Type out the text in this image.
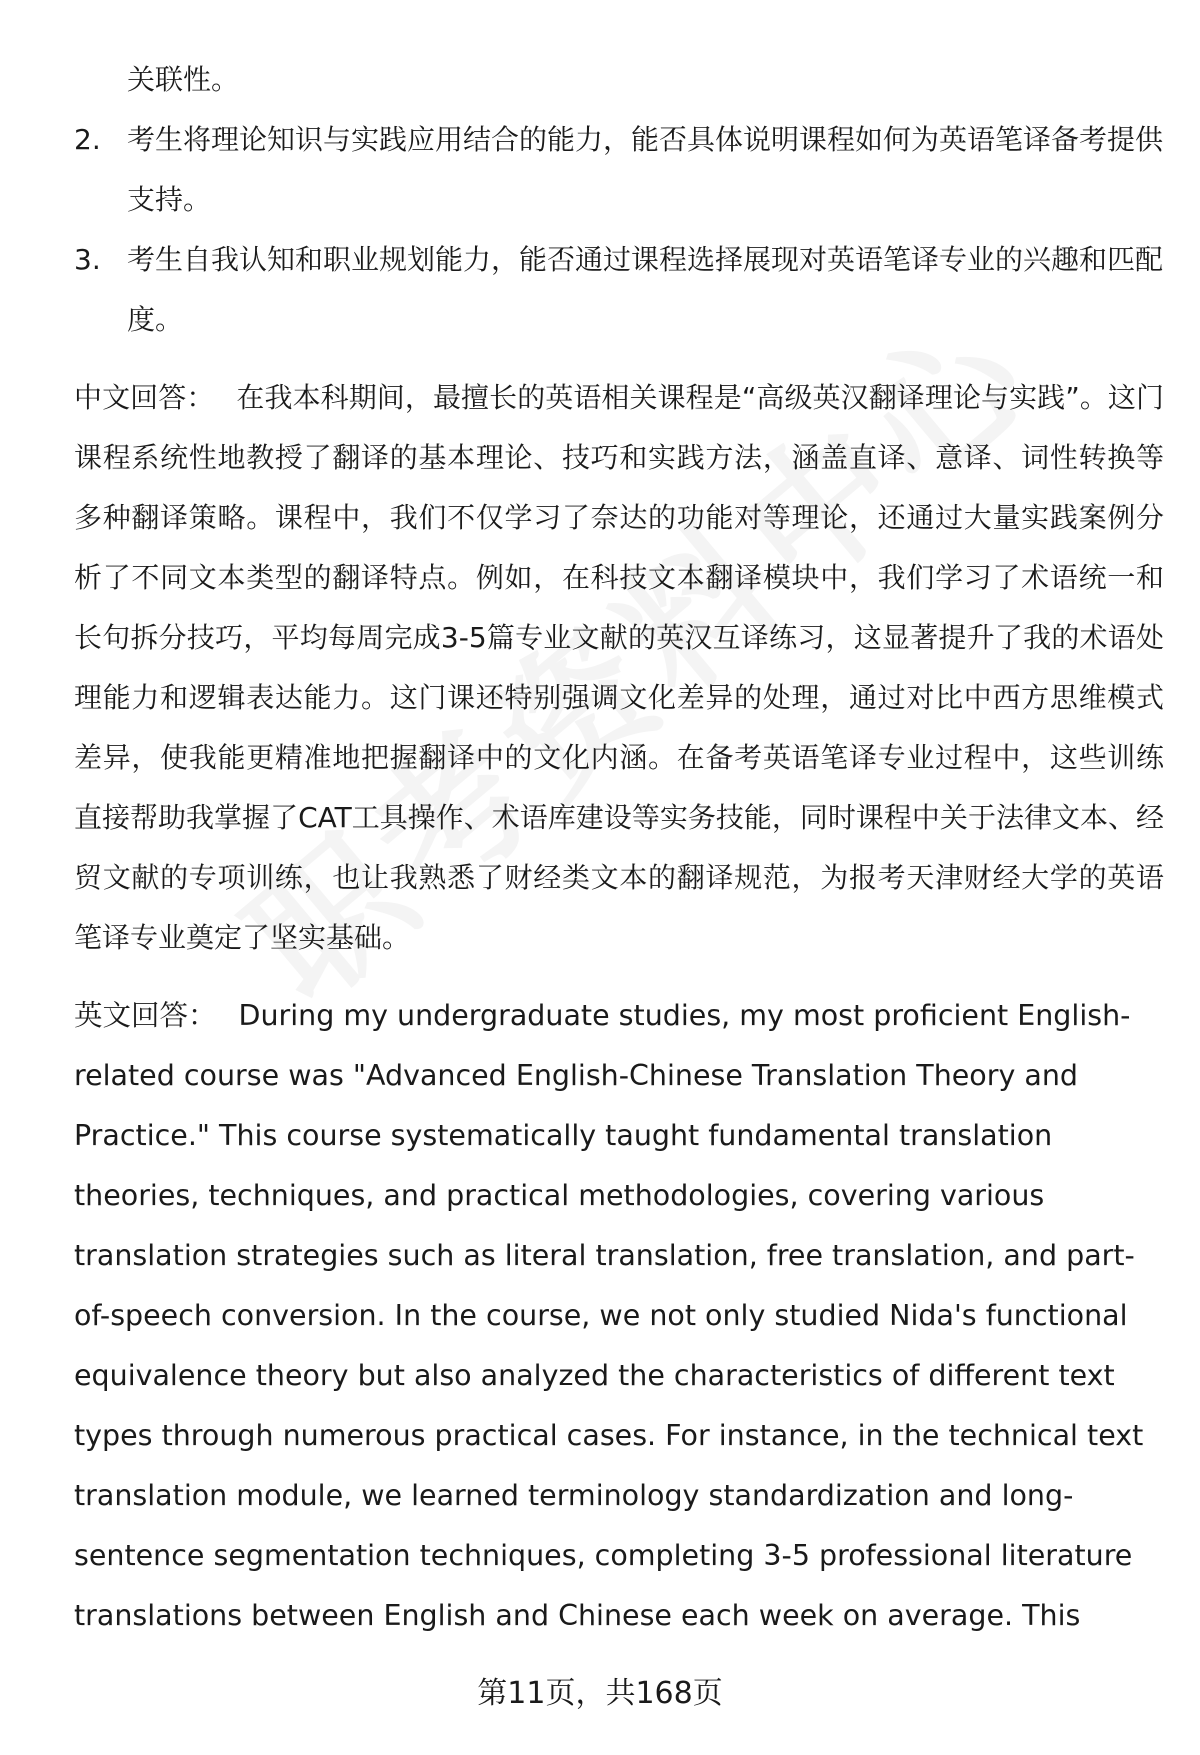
关联性。

2. 考生将理论知识与实践应用结合的能力，能否具体说明课程如何为英语笔译备考提供支持。
3. 考生自我认知和职业规划能力，能否通过课程选择展现对英语笔译专业的兴趣和匹配度。

中文回答： 在我本科期间，最擅长的英语相关课程是“高级英汉翻译理论与实践”。这门课程系统性地教授了翻译的基本理论、技巧和实践方法，涵盖直译、意译、词性转换等多种翻译策略。课程中，我们不仅学习了奈达的功能对等理论，还通过大量实践案例分析了不同文本类型的翻译特点。例如，在科技文本翻译模块中，我们学习了术语统一和长句拆分技巧，平均每周完成3-5篇专业文献的英汉互译练习，这显著提升了我的术语处理能力和逻辑表达能力。这门课还特别强调文化差异的处理，通过对比中西方思维模式差异，使我能更精准地把握翻译中的文化内涵。在备考英语笔译专业过程中，这些训练直接帮助我掌握了CAT工具操作、术语库建设等实务技能，同时课程中关于法律文本、经贸文献的专项训练，也让我熟悉了财经类文本的翻译规范，为报考天津财经大学的英语笔译专业奠定了坚实基础。

英文回答： During my undergraduate studies, my most proficient English-related course was "Advanced English-Chinese Translation Theory and Practice." This course systematically taught fundamental translation theories, techniques, and practical methodologies, covering various translation strategies such as literal translation, free translation, and part-of-speech conversion. In the course, we not only studied Nida's functional equivalence theory but also analyzed the characteristics of different text types through numerous practical cases. For instance, in the technical text translation module, we learned terminology standardization and long-sentence segmentation techniques, completing 3-5 professional literature translations between English and Chinese each week on average. This

第11页，共168页
